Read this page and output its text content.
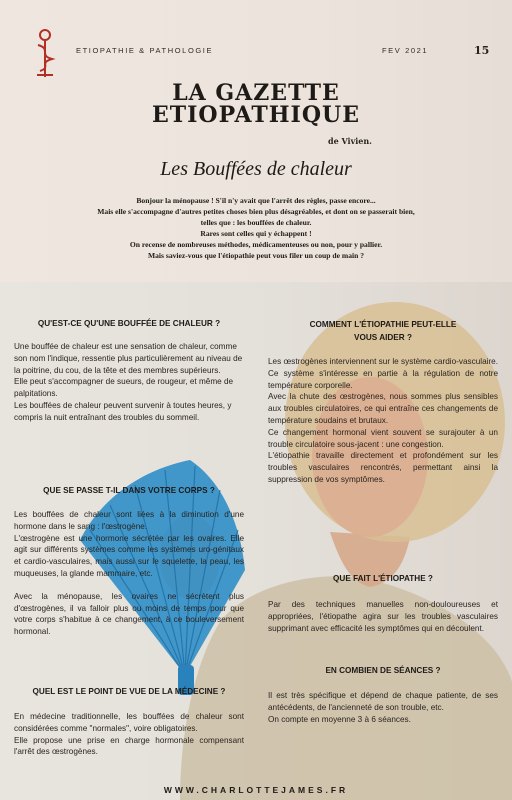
ETIOPATHIE & PATHOLOGIE	FEV 2021	15
LA GAZETTE
ETIOPATHIQUE
de Vivien.
Les Bouffées de chaleur
Bonjour la ménopause ! S'il n'y avait que l'arrêt des règles, passe encore...
Mais elle s'accompagne d'autres petites choses bien plus désagréables, et dont on se passerait bien,
telles que : les bouffées de chaleur.
Rares sont celles qui y échappent !
On recense de nombreuses méthodes, médicamenteuses ou non, pour y pallier.
Mais saviez-vous que l'étiopathie peut vous filer un coup de main ?
QU'EST-CE QU'UNE BOUFFÉE DE CHALEUR ?
Une bouffée de chaleur est une sensation de chaleur, comme son nom l'indique, ressentie plus particulièrement au niveau de la poitrine, du cou, de la tête et des membres supérieurs.
Elle peut s'accompagner de sueurs, de rougeur, et même de palpitations.
Les bouffées de chaleur peuvent survenir à toutes heures, y compris la nuit entraînant des troubles du sommeil.
QUE SE PASSE T-IL DANS VOTRE CORPS ?
Les bouffées de chaleur sont liées à la diminution d'une hormone dans le sang : l'œstrogène.
L'œstrogène est une hormone sécrétée par les ovaires. Elle agit sur différents systèmes comme les systèmes uro-génitaux et cardio-vasculaires, mais aussi sur le squelette, la peau, les muqueuses, la glande mammaire, etc.
Avec la ménopause, les ovaires ne sécrètent plus d'œstrogènes, il va falloir plus ou moins de temps pour que votre corps s'habitue à ce changement, à ce bouleversement hormonal.
QUEL EST LE POINT DE VUE DE LA MÉDECINE ?
En médecine traditionnelle, les bouffées de chaleur sont considérées comme "normales", voire obligatoires.
Elle propose une prise en charge hormonale compensant l'arrêt des œstrogènes.
COMMENT L'ÉTIOPATHIE PEUT-ELLE
VOUS AIDER ?
Les œstrogènes interviennent sur le système cardio-vasculaire. Ce système s'intéresse en partie à la régulation de notre température corporelle.
Avec la chute des œstrogènes, nous sommes plus sensibles aux troubles circulatoires, ce qui entraîne ces changements de température soudains et brutaux.
Ce changement hormonal vient souvent se surajouter à un trouble circulatoire sous-jacent : une congestion.
L'étiopathie travaille directement et profondément sur les troubles vasculaires rencontrés, permettant ainsi la suppression de vos symptômes.
QUE FAIT L'ÉTIOPATHE ?
Par des techniques manuelles non-douloureuses et appropriées, l'étiopathe agira sur les troubles vasculaires supprimant avec efficacité les symptômes qui en découlent.
EN COMBIEN DE SÉANCES ?
Il est très spécifique et dépend de chaque patiente, de ses antécédents, de l'ancienneté de son trouble, etc.
On compte en moyenne 3 à 6 séances.
WWW.CHARLOTTEJAMES.FR
